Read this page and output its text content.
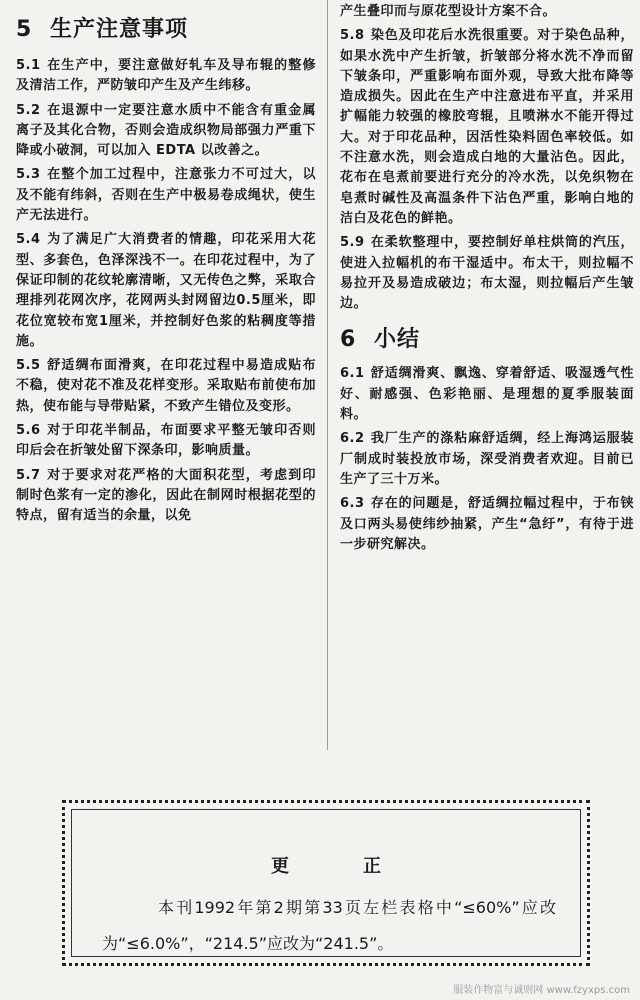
5 生产注意事项

5.1 在生产中，要注意做好轧车及导布辊的整修及清洁工作，严防皱印产生及产生纬移。

5.2 在退源中一定要注意水质中不能含有重金属离子及其化合物，否则会造成织物局部强力严重下降或小破洞，可以加入 EDTA 以改善之。

5.3 在整个加工过程中，注意张力不可过大，以及不能有纬斜，否则在生产中极易卷成绳状，使生产无法进行。

5.4 为了满足广大消费者的情趣，印花采用大花型、多套色，色泽深浅不一。在印花过程中，为了保证印制的花纹轮廓清晰，又无传色之弊，采取合理排列花网次序，花网两头封网留边0.5厘米，即花位宽较布宽1厘米，并控制好色浆的粘稠度等措施。

5.5 舒适绸布面滑爽，在印花过程中易造成贴布不稳，使对花不准及花样变形。采取贴布前使布加热，使布能与导带贴紧，不致产生错位及变形。

5.6 对于印花半制品，布面要求平整无皱印否则印后会在折皱处留下深条印，影响质量。

5.7 对于要求对花严格的大面积花型，考虑到印制时色浆有一定的渗化，因此在制网时根据花型的特点，留有适当的余量，以免

产生叠印而与原花型设计方案不合。

5.8 染色及印花后水洗很重要。对于染色品种，如果水洗中产生折皱，折皱部分将水洗不净而留下皱条印，严重影响布面外观，导致大批布降等造成损失。因此在生产中注意进布平直，并采用扩幅能力较强的橡胶弯辊，且喷淋水不能开得过大。对于印花品种，因活性染料固色率较低。如不注意水洗，则会造成白地的大量沾色。因此，花布在皂煮前要进行充分的冷水洗，以免织物在皂煮时碱性及高温条件下沾色严重，影响白地的洁白及花色的鲜艳。

5.9 在柔软整理中，要控制好单柱烘筒的汽压，使进入拉幅机的布干湿适中。布太干，则拉幅不易拉开及易造成破边；布太湿，则拉幅后产生皱边。

6 小结

6.1 舒适绸滑爽、飘逸、穿着舒适、吸湿透气性好、耐感强、色彩艳丽、是理想的夏季服装面料。

6.2 我厂生产的涤粘麻舒适绸，经上海鸿运服装厂制成时装投放市场，深受消费者欢迎。目前已生产了三十万米。

6.3 存在的问题是，舒适绸拉幅过程中，于布铗及口两头易使纬纱抽紧，产生“急纡”，有待于进一步研究解决。

更正
本刊1992年第2期第33页左栏表格中“≤60%”应改为“≤6.0%”，“214.5”应改为“241.5”。
服装作物富与诚则网 www.fzyxps.com
